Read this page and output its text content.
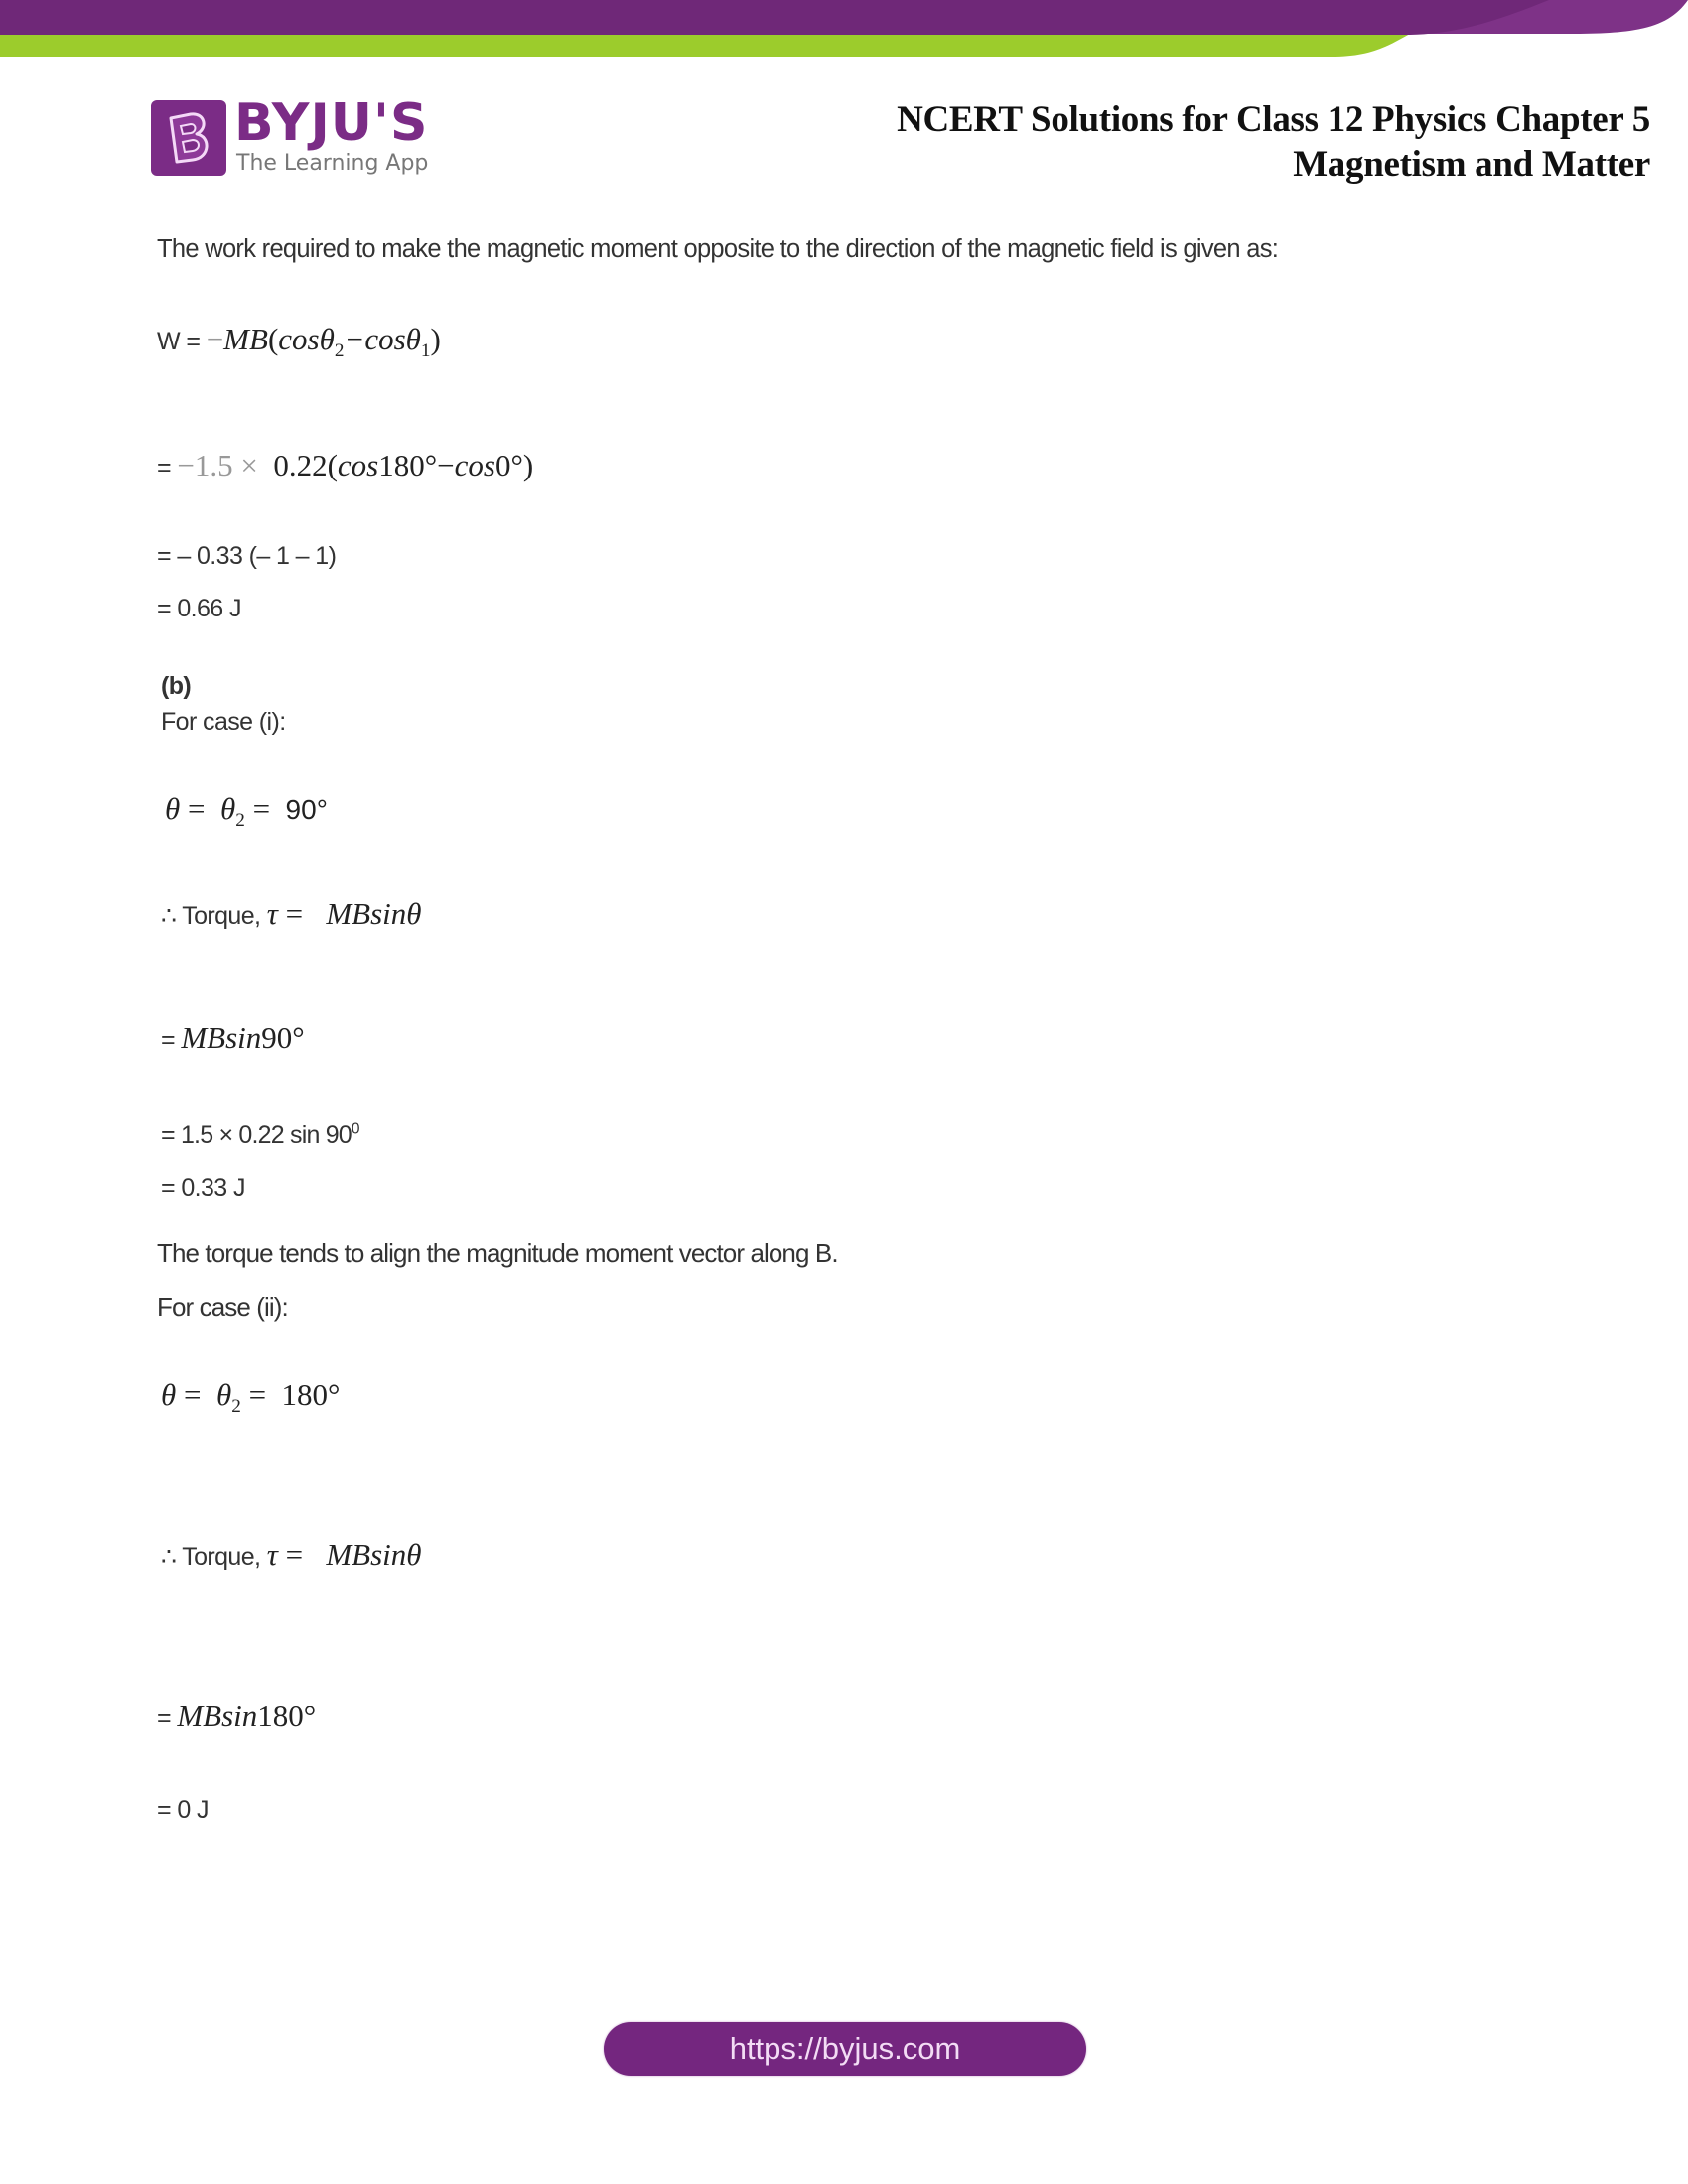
BYJU'S
The Learning App
NCERT Solutions for Class 12 Physics Chapter 5
Magnetism and Matter
The work required to make the magnetic moment opposite to the direction of the magnetic field is given as:
W = −MB(cosθ$_2$−cosθ$_1$)
= −1.5 ×  0.22(cos180°−cos0°)
= – 0.33 (– 1 – 1)
= 0.66 J
(b)
For case (i):
$\theta = \theta_2 = 90^\circ$
∴ Torque, τ =   MBsinθ
= MBsin90°
= 1.5 × 0.22 $\sin 90^0$
= 0.33 J
The torque tends to align the magnitude moment vector along B.
For case (ii):
$\theta = \theta_2 = 180^\circ$
∴ Torque, τ =   MBsinθ
= MBsin180°
= 0 J
https://byjus.com
